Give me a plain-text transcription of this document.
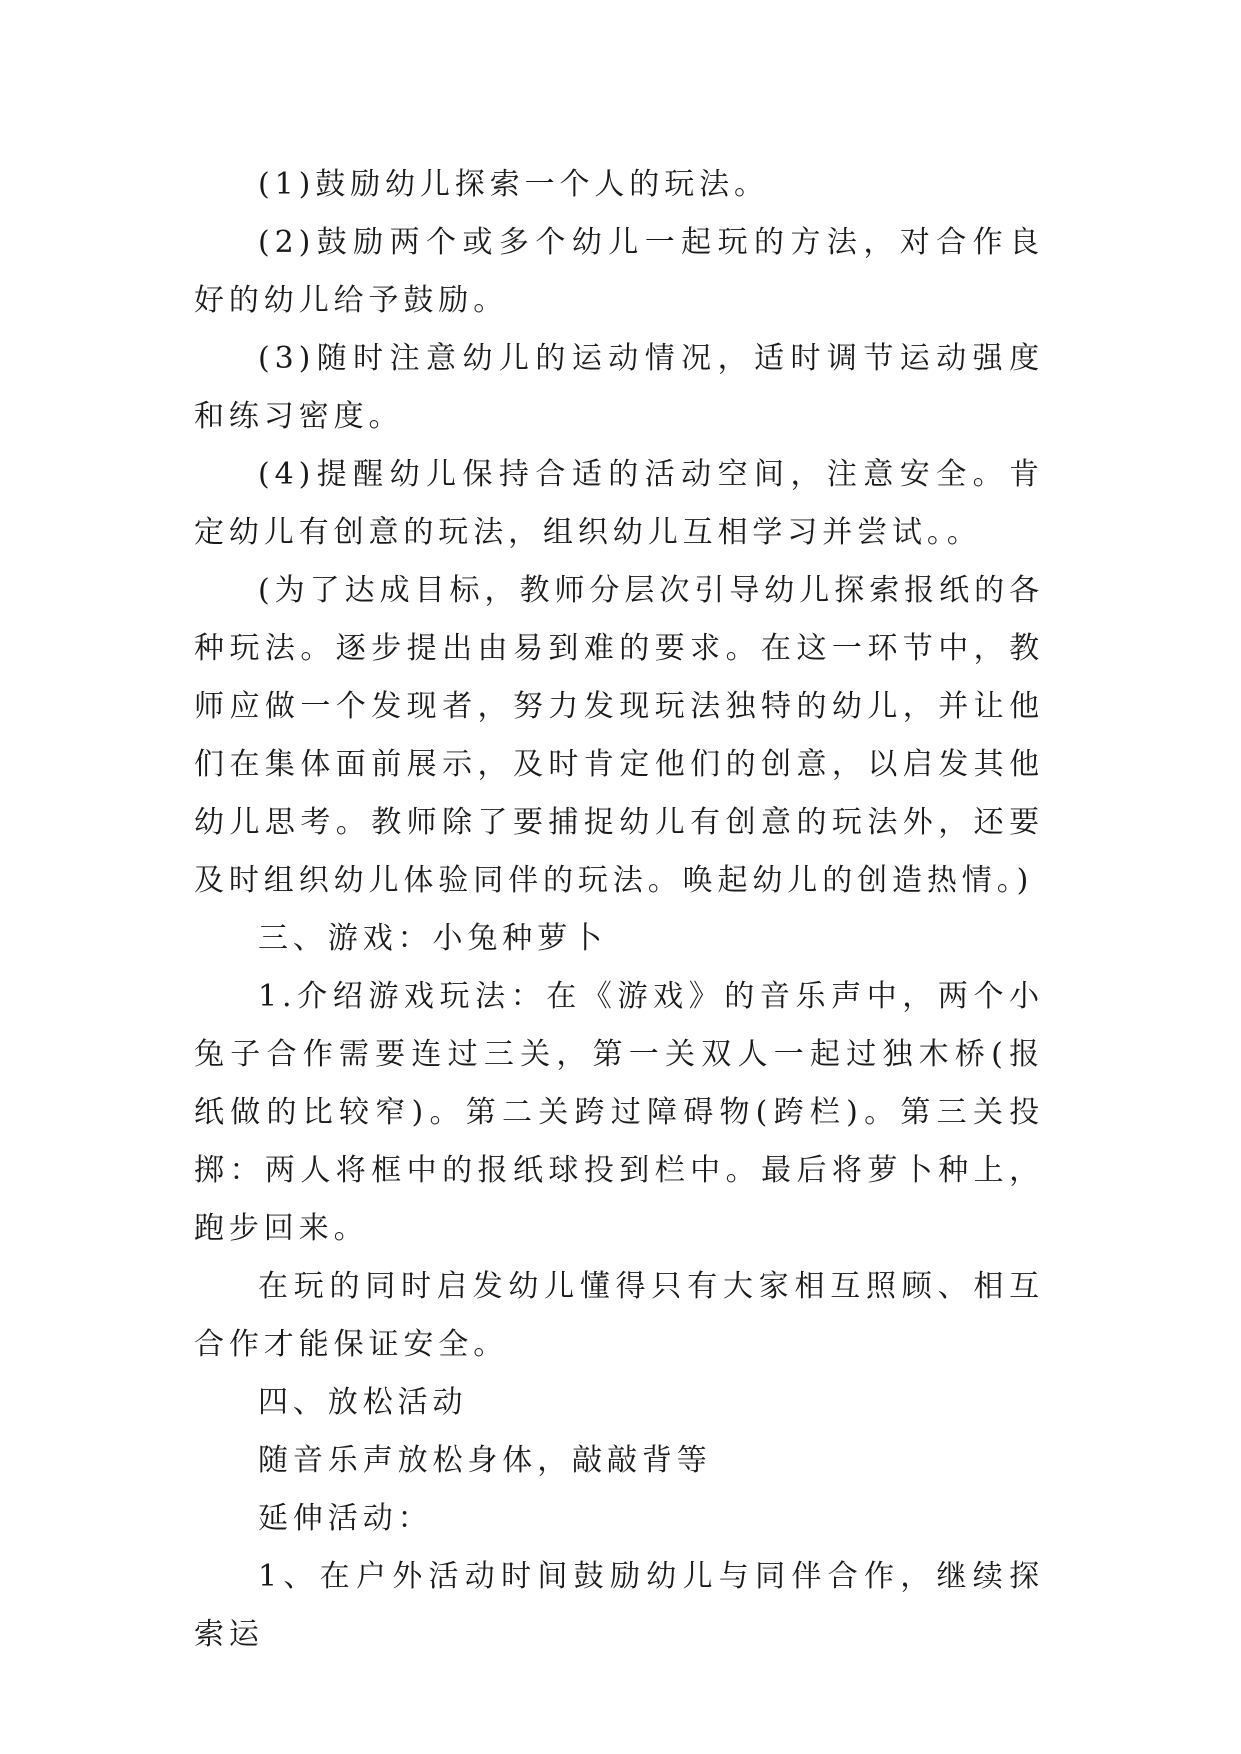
(1)鼓励幼儿探索一个人的玩法。

(2)鼓励两个或多个幼儿一起玩的方法，对合作良好的幼儿给予鼓励。

(3)随时注意幼儿的运动情况，适时调节运动强度和练习密度。

(4)提醒幼儿保持合适的活动空间，注意安全。肯定幼儿有创意的玩法，组织幼儿互相学习并尝试。。

(为了达成目标，教师分层次引导幼儿探索报纸的各种玩法。逐步提出由易到难的要求。在这一环节中，教师应做一个发现者，努力发现玩法独特的幼儿，并让他们在集体面前展示，及时肯定他们的创意，以启发其他幼儿思考。教师除了要捕捉幼儿有创意的玩法外，还要及时组织幼儿体验同伴的玩法。唤起幼儿的创造热情。)

三、游戏：小兔种萝卜

1.介绍游戏玩法：在《游戏》的音乐声中，两个小兔子合作需要连过三关，第一关双人一起过独木桥(报纸做的比较窄)。第二关跨过障碍物(跨栏)。第三关投掷：两人将框中的报纸球投到栏中。最后将萝卜种上，跑步回来。

在玩的同时启发幼儿懂得只有大家相互照顾、相互合作才能保证安全。

四、放松活动

随音乐声放松身体，敲敲背等

延伸活动：

1、在户外活动时间鼓励幼儿与同伴合作，继续探索运
